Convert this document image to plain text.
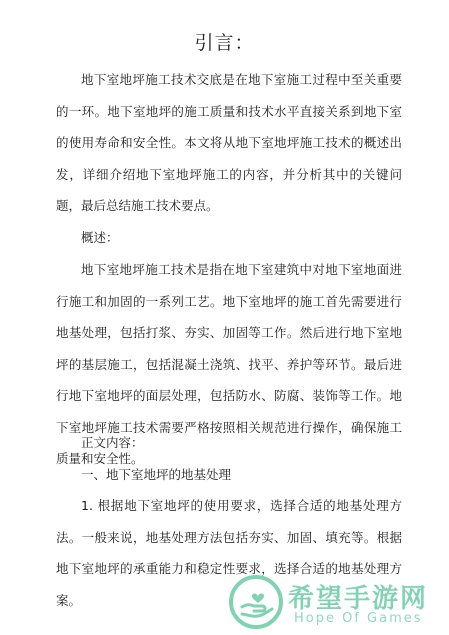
引言：

地下室地坪施工技术交底是在地下室施工过程中至关重要的一环。地下室地坪的施工质量和技术水平直接关系到地下室的使用寿命和安全性。本文将从地下室地坪施工技术的概述出发，详细介绍地下室地坪施工的内容，并分析其中的关键问题，最后总结施工技术要点。

概述：

地下室地坪施工技术是指在地下室建筑中对地下室地面进行施工和加固的一系列工艺。地下室地坪的施工首先需要进行地基处理，包括打浆、夯实、加固等工作。然后进行地下室地坪的基层施工，包括混凝土浇筑、找平、养护等环节。最后进行地下室地坪的面层处理，包括防水、防腐、装饰等工作。地下室地坪施工技术需要严格按照相关规范进行操作，确保施工质量和安全性。

正文内容：

一、地下室地坪的地基处理

1. 根据地下室地坪的使用要求，选择合适的地基处理方法。一般来说，地基处理方法包括夯实、加固、填充等。根据地下室地坪的承重能力和稳定性要求，选择合适的地基处理方案。	希望手游网
Hope Of Games
